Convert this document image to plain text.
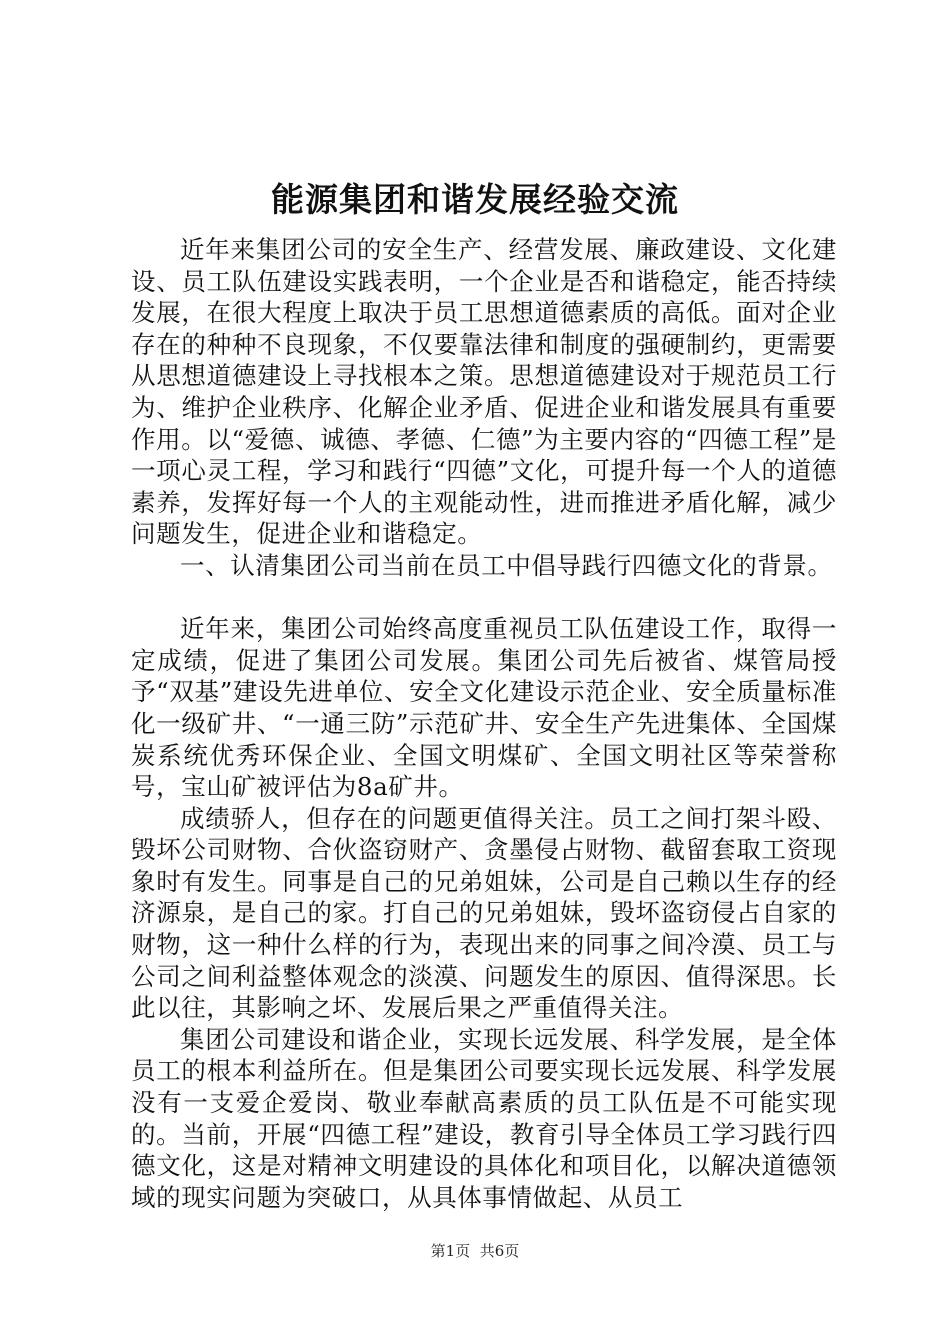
能源集团和谐发展经验交流

近年来集团公司的安全生产、经营发展、廉政建设、文化建设、员工队伍建设实践表明，一个企业是否和谐稳定，能否持续发展，在很大程度上取决于员工思想道德素质的高低。面对企业存在的种种不良现象，不仅要靠法律和制度的强硬制约，更需要从思想道德建设上寻找根本之策。思想道德建设对于规范员工行为、维护企业秩序、化解企业矛盾、促进企业和谐发展具有重要作用。以“爱德、诚德、孝德、仁德”为主要内容的“四德工程”是一项心灵工程，学习和践行“四德”文化，可提升每一个人的道德素养，发挥好每一个人的主观能动性，进而推进矛盾化解，减少问题发生，促进企业和谐稳定。

一、认清集团公司当前在员工中倡导践行四德文化的背景。

近年来，集团公司始终高度重视员工队伍建设工作，取得一定成绩，促进了集团公司发展。集团公司先后被省、煤管局授予“双基”建设先进单位、安全文化建设示范企业、安全质量标准化一级矿井、“一通三防”示范矿井、安全生产先进集体、全国煤炭系统优秀环保企业、全国文明煤矿、全国文明社区等荣誉称号，宝山矿被评估为8a矿井。

成绩骄人，但存在的问题更值得关注。员工之间打架斗殴、毁坏公司财物、合伙盗窃财产、贪墨侵占财物、截留套取工资现象时有发生。同事是自己的兄弟姐妹，公司是自己赖以生存的经济源泉，是自己的家。打自己的兄弟姐妹，毁坏盗窃侵占自家的财物，这一种什么样的行为，表现出来的同事之间冷漠、员工与公司之间利益整体观念的淡漠、问题发生的原因、值得深思。长此以往，其影响之坏、发展后果之严重值得关注。

集团公司建设和谐企业，实现长远发展、科学发展，是全体员工的根本利益所在。但是集团公司要实现长远发展、科学发展没有一支爱企爱岗、敬业奉献高素质的员工队伍是不可能实现的。当前，开展“四德工程”建设，教育引导全体员工学习践行四德文化，这是对精神文明建设的具体化和项目化，以解决道德领域的现实问题为突破口，从具体事情做起、从员工

第1页 共6页
